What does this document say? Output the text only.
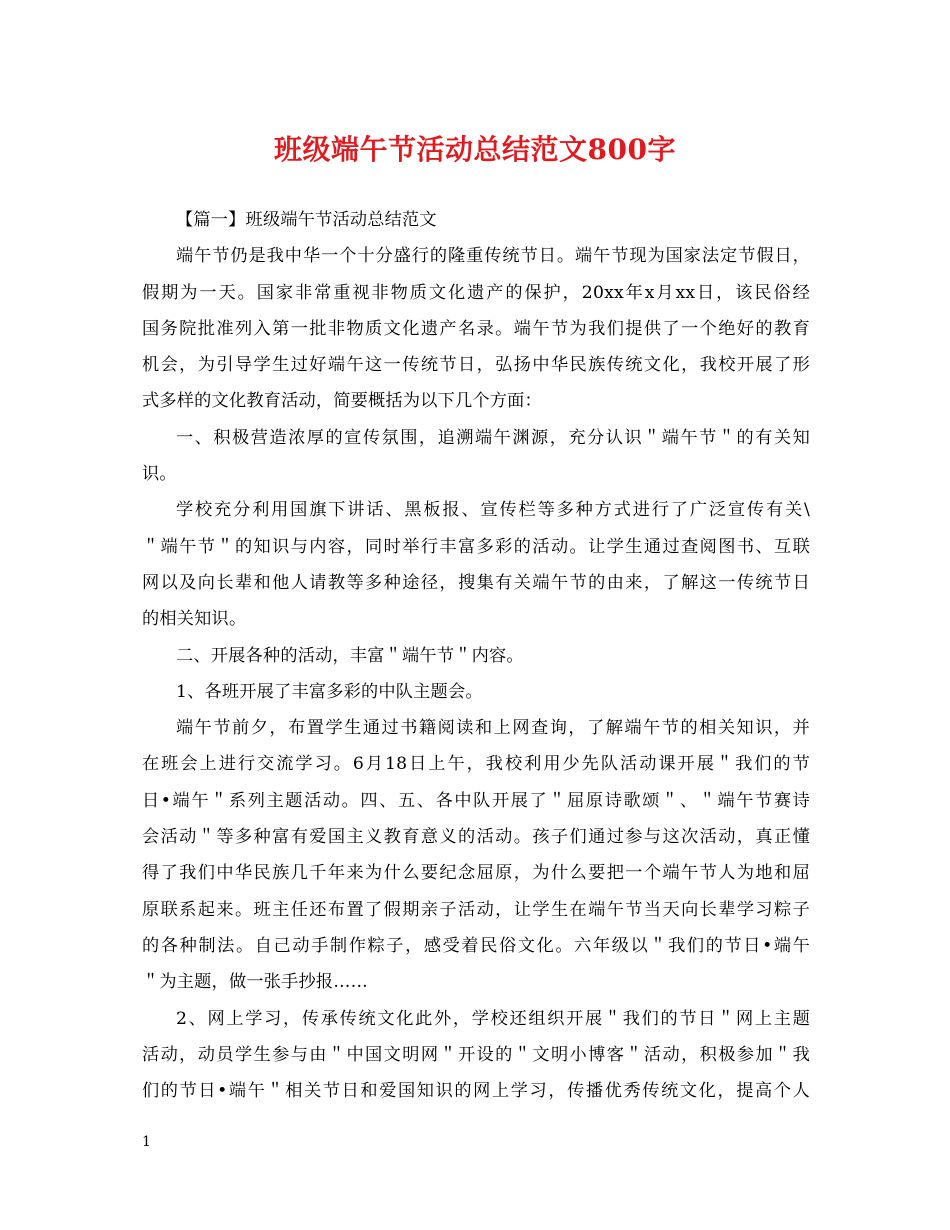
班级端午节活动总结范文800字

【篇一】班级端午节活动总结范文

端午节仍是我中华一个十分盛行的隆重传统节日。端午节现为国家法定节假日，
假期为一天。国家非常重视非物质文化遗产的保护，20xx年x月xx日，该民俗经
国务院批准列入第一批非物质文化遗产名录。端午节为我们提供了一个绝好的教育
机会，为引导学生过好端午这一传统节日，弘扬中华民族传统文化，我校开展了形
式多样的文化教育活动，简要概括为以下几个方面：

一、积极营造浓厚的宣传氛围，追溯端午渊源，充分认识＂端午节＂的有关知
识。

学校充分利用国旗下讲话、黑板报、宣传栏等多种方式进行了广泛宣传有关\
＂端午节＂的知识与内容，同时举行丰富多彩的活动。让学生通过查阅图书、互联
网以及向长辈和他人请教等多种途径，搜集有关端午节的由来，了解这一传统节日
的相关知识。

二、开展各种的活动，丰富＂端午节＂内容。

1、各班开展了丰富多彩的中队主题会。

端午节前夕，布置学生通过书籍阅读和上网查询，了解端午节的相关知识，并
在班会上进行交流学习。6月18日上午，我校利用少先队活动课开展＂我们的节
日•端午＂系列主题活动。四、五、各中队开展了＂屈原诗歌颂＂、＂端午节赛诗
会活动＂等多种富有爱国主义教育意义的活动。孩子们通过参与这次活动，真正懂
得了我们中华民族几千年来为什么要纪念屈原，为什么要把一个端午节人为地和屈
原联系起来。班主任还布置了假期亲子活动，让学生在端午节当天向长辈学习粽子
的各种制法。自己动手制作粽子，感受着民俗文化。六年级以＂我们的节日•端午
＂为主题，做一张手抄报……

2、网上学习，传承传统文化此外，学校还组织开展＂我们的节日＂网上主题
活动，动员学生参与由＂中国文明网＂开设的＂文明小博客＂活动，积极参加＂我
们的节日•端午＂相关节日和爱国知识的网上学习，传播优秀传统文化，提高个人

1
